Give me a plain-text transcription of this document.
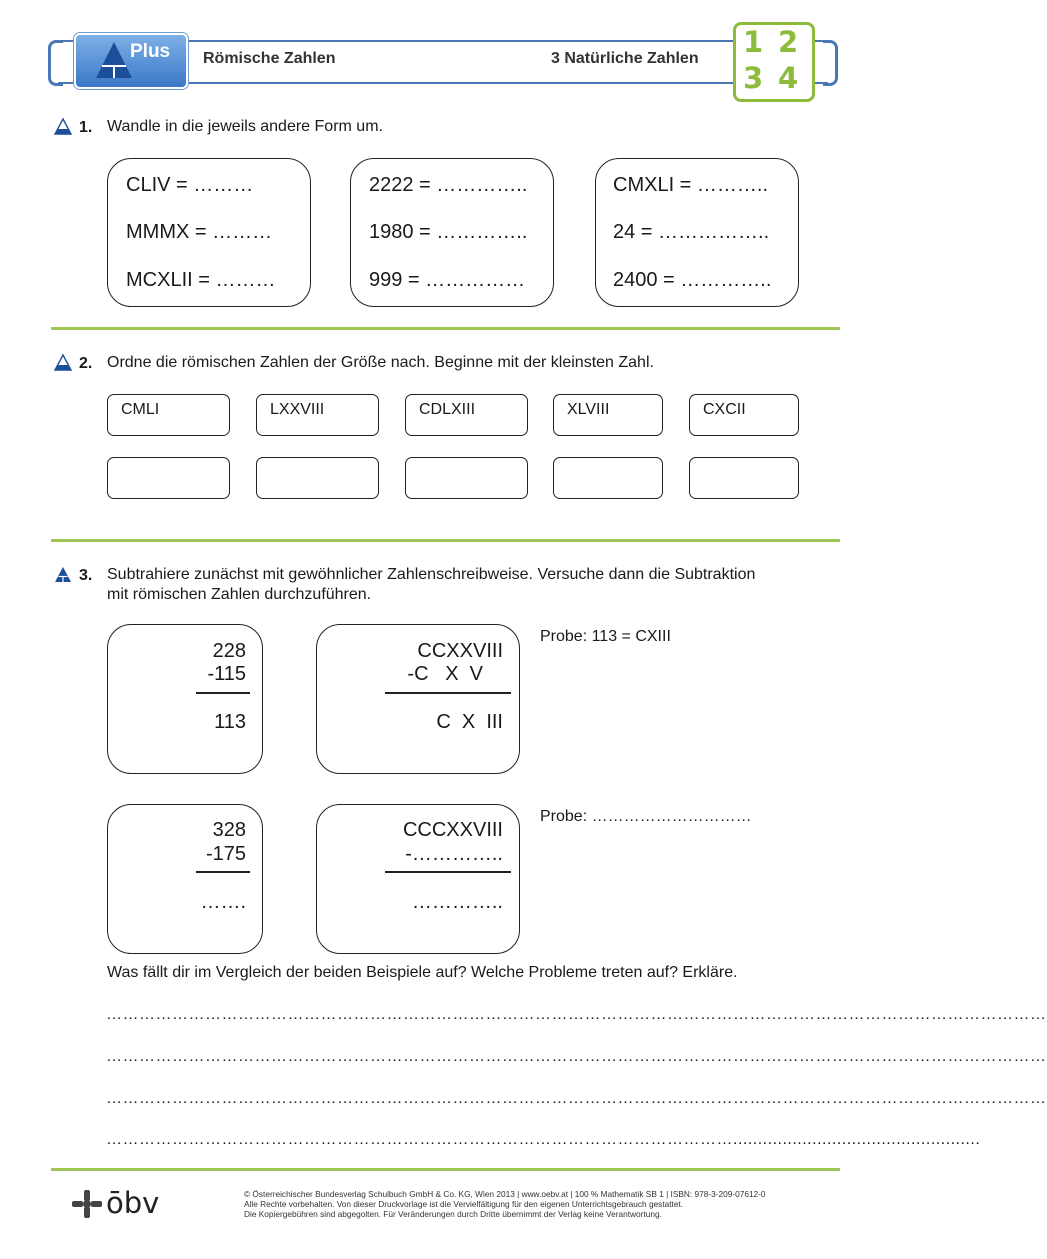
Plus Römische Zahlen	3 Natürliche Zahlen 1 2
3 4
1. Wandle in die jeweils andere Form um.
CLIV = ………
MMMX = ………
MCXLII = ………
2222 = …………..
1980 = …………..
999 = ……………
CMXLI = ………..
24 = ……………..
2400 = …………..
2. Ordne die römischen Zahlen der Größe nach. Beginne mit der kleinsten Zahl.
CMLI	LXXVIII	CDLXIII	XLVIII	CXCII
3. Subtrahiere zunächst mit gewöhnlicher Zahlenschreibweise. Versuche dann die Subtraktion
mit römischen Zahlen durchzuführen.
228
-115
113
CCXXVIII
-C   X  V
C  X  III
Probe: 113 = CXIII
328
-175
…….
CCCXXVIII
-…………..
…………..
Probe: …………………………
Was fällt dir im Vergleich der beiden Beispiele auf? Welche Probleme treten auf? Erkläre.
………………………………………………………………………………………………………………………………………………………
………………………………………………………………………………………………………………………………………………………
………………………………………………………………………………………………………………………………………………………
……………………………………………………………………………………………………..................................................
ōbv	© Österreichischer Bundesverlag Schulbuch GmbH & Co. KG, Wien 2013 | www.oebv.at | 100 % Mathematik SB 1 | ISBN: 978-3-209-07612-0
Alle Rechte vorbehalten. Von dieser Druckvorlage ist die Vervielfältigung für den eigenen Unterrichtsgebrauch gestattet.
Die Kopiergebühren sind abgegolten. Für Veränderungen durch Dritte übernimmt der Verlag keine Verantwortung.
